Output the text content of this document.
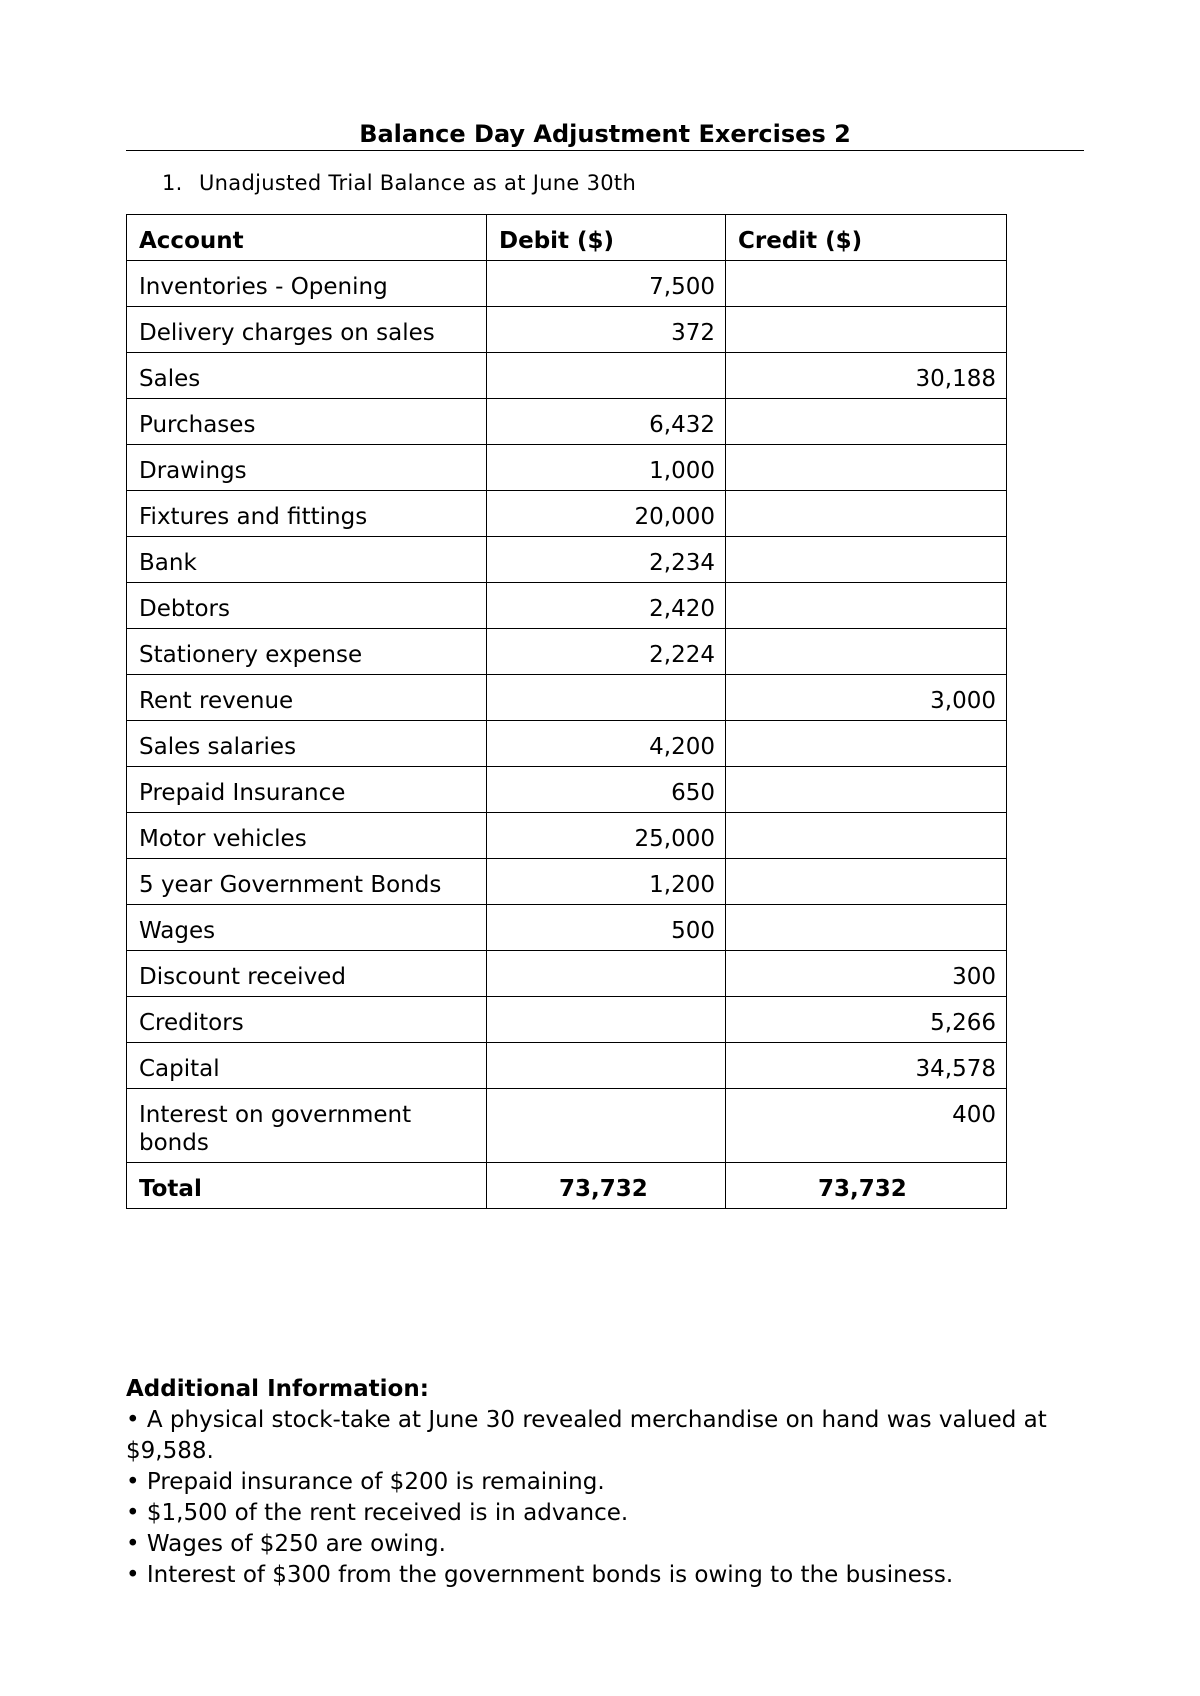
Balance Day Adjustment Exercises 2
1. Unadjusted Trial Balance as at June 30th
Account	Debit ($)	Credit ($)
Inventories - Opening	7,500	
Delivery charges on sales	372	
Sales		30,188
Purchases	6,432	
Drawings	1,000	
Fixtures and fittings	20,000	
Bank	2,234	
Debtors	2,420	
Stationery expense	2,224	
Rent revenue		3,000
Sales salaries	4,200	
Prepaid Insurance	650	
Motor vehicles	25,000	
5 year Government Bonds	1,200	
Wages	500	
Discount received		300
Creditors		5,266
Capital		34,578
Interest on government bonds		400
Total	73,732	73,732
Additional Information:

• A physical stock-take at June 30 revealed merchandise on hand was valued at $9,588.

• Prepaid insurance of $200 is remaining.

• $1,500 of the rent received is in advance.

• Wages of $250 are owing.

• Interest of $300 from the government bonds is owing to the business.
